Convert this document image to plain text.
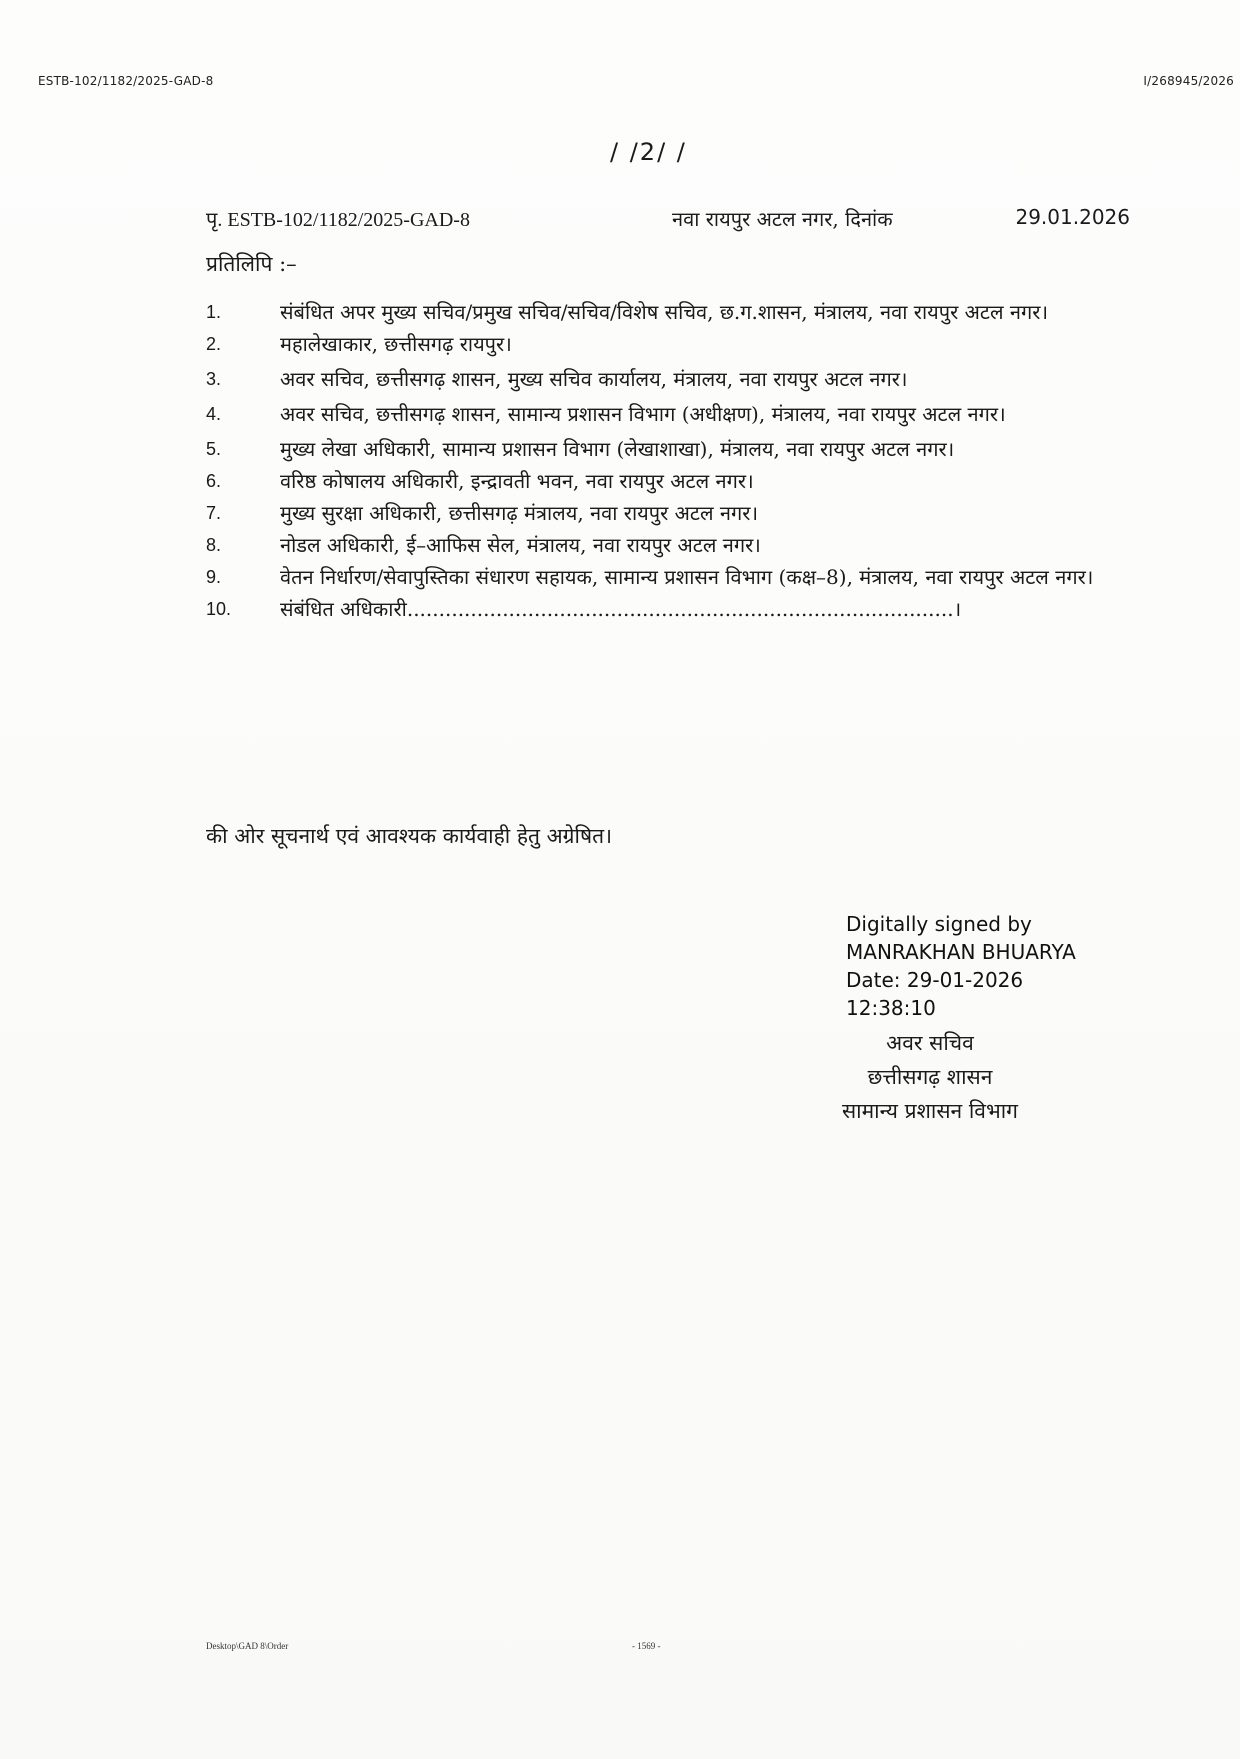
ESTB-102/1182/2025-GAD-8	I/268945/2026
/ /2/ /
पृ. ESTB-102/1182/2025-GAD-8	नवा रायपुर अटल नगर, दिनांक	29.01.2026
प्रतिलिपि :–
1.	संबंधित अपर मुख्य सचिव/प्रमुख सचिव/सचिव/विशेष सचिव, छ.ग.शासन, मंत्रालय, नवा रायपुर अटल नगर।
2.	महालेखाकार, छत्तीसगढ़ रायपुर।
3.	अवर सचिव, छत्तीसगढ़ शासन, मुख्य सचिव कार्यालय, मंत्रालय, नवा रायपुर अटल नगर।
4.	अवर सचिव, छत्तीसगढ़ शासन, सामान्य प्रशासन विभाग (अधीक्षण), मंत्रालय, नवा रायपुर अटल नगर।
5.	मुख्य लेखा अधिकारी, सामान्य प्रशासन विभाग (लेखाशाखा), मंत्रालय, नवा रायपुर अटल नगर।
6.	वरिष्ठ कोषालय अधिकारी, इन्द्रावती भवन, नवा रायपुर अटल नगर।
7.	मुख्य सुरक्षा अधिकारी, छत्तीसगढ़ मंत्रालय, नवा रायपुर अटल नगर।
8.	नोडल अधिकारी, ई–आफिस सेल, मंत्रालय, नवा रायपुर अटल नगर।
9.	वेतन निर्धारण/सेवापुस्तिका संधारण सहायक, सामान्य प्रशासन विभाग (कक्ष–8), मंत्रालय, नवा रायपुर अटल नगर।
10. संबंधित अधिकारी......................................................................................।
की ओर सूचनार्थ एवं आवश्यक कार्यवाही हेतु अग्रेषित।
Digitally signed by
MANRAKHAN BHUARYA
Date: 29-01-2026
12:38:10
अवर सचिव
छत्तीसगढ़ शासन
सामान्य प्रशासन विभाग
Desktop\GAD 8\Order	- 1569 -
